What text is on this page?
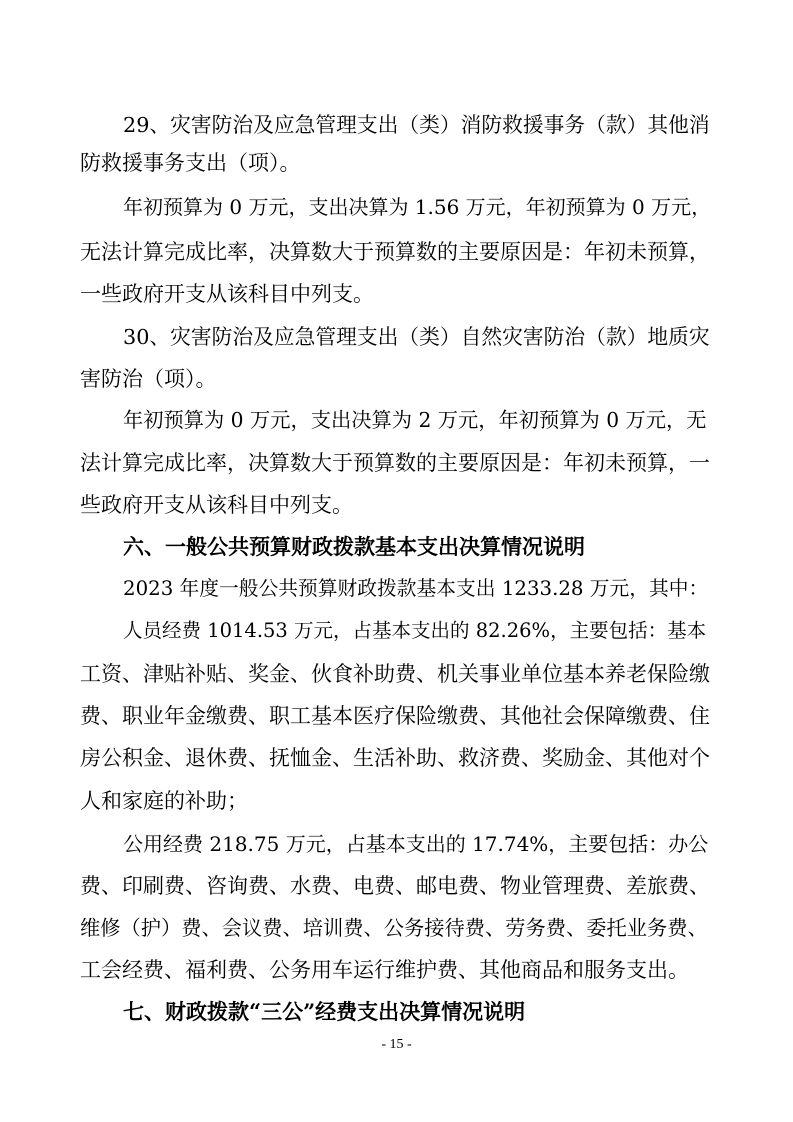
29、灾害防治及应急管理支出（类）消防救援事务（款）其他消

防救援事务支出（项）。

年初预算为 0 万元，支出决算为 1.56 万元，年初预算为 0 万元，

无法计算完成比率，决算数大于预算数的主要原因是：年初未预算，

一些政府开支从该科目中列支。

30、灾害防治及应急管理支出（类）自然灾害防治（款）地质灾

害防治（项）。

年初预算为 0 万元，支出决算为 2 万元，年初预算为 0 万元，无

法计算完成比率，决算数大于预算数的主要原因是：年初未预算，一

些政府开支从该科目中列支。

六、一般公共预算财政拨款基本支出决算情况说明

2023 年度一般公共预算财政拨款基本支出 1233.28 万元，其中：

人员经费 1014.53 万元，占基本支出的 82.26%，主要包括：基本

工资、津贴补贴、奖金、伙食补助费、机关事业单位基本养老保险缴

费、职业年金缴费、职工基本医疗保险缴费、其他社会保障缴费、住

房公积金、退休费、抚恤金、生活补助、救济费、奖励金、其他对个

人和家庭的补助；

公用经费 218.75 万元，占基本支出的 17.74%，主要包括：办公

费、印刷费、咨询费、水费、电费、邮电费、物业管理费、差旅费、

维修（护）费、会议费、培训费、公务接待费、劳务费、委托业务费、

工会经费、福利费、公务用车运行维护费、其他商品和服务支出。

七、财政拨款“三公”经费支出决算情况说明

- 15 -
